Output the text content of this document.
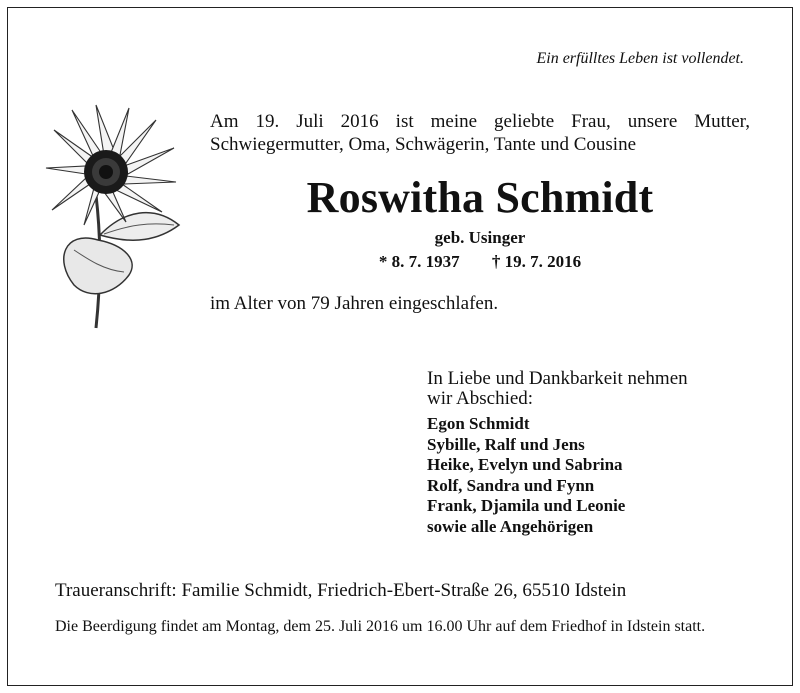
Ein erfülltes Leben ist vollendet.
Am 19. Juli 2016 ist meine geliebte Frau, unsere Mutter,
Schwiegermutter, Oma, Schwägerin, Tante und Cousine
Roswitha Schmidt
geb. Usinger
* 8. 7. 1937 † 19. 7. 2016
im Alter von 79 Jahren eingeschlafen.
In Liebe und Dankbarkeit nehmen
wir Abschied:
Egon Schmidt
Sybille, Ralf und Jens
Heike, Evelyn und Sabrina
Rolf, Sandra und Fynn
Frank, Djamila und Leonie
sowie alle Angehörigen
Traueranschrift: Familie Schmidt, Friedrich-Ebert-Straße 26, 65510 Idstein
Die Beerdigung findet am Montag, dem 25. Juli 2016 um 16.00 Uhr auf dem Friedhof in Idstein statt.
